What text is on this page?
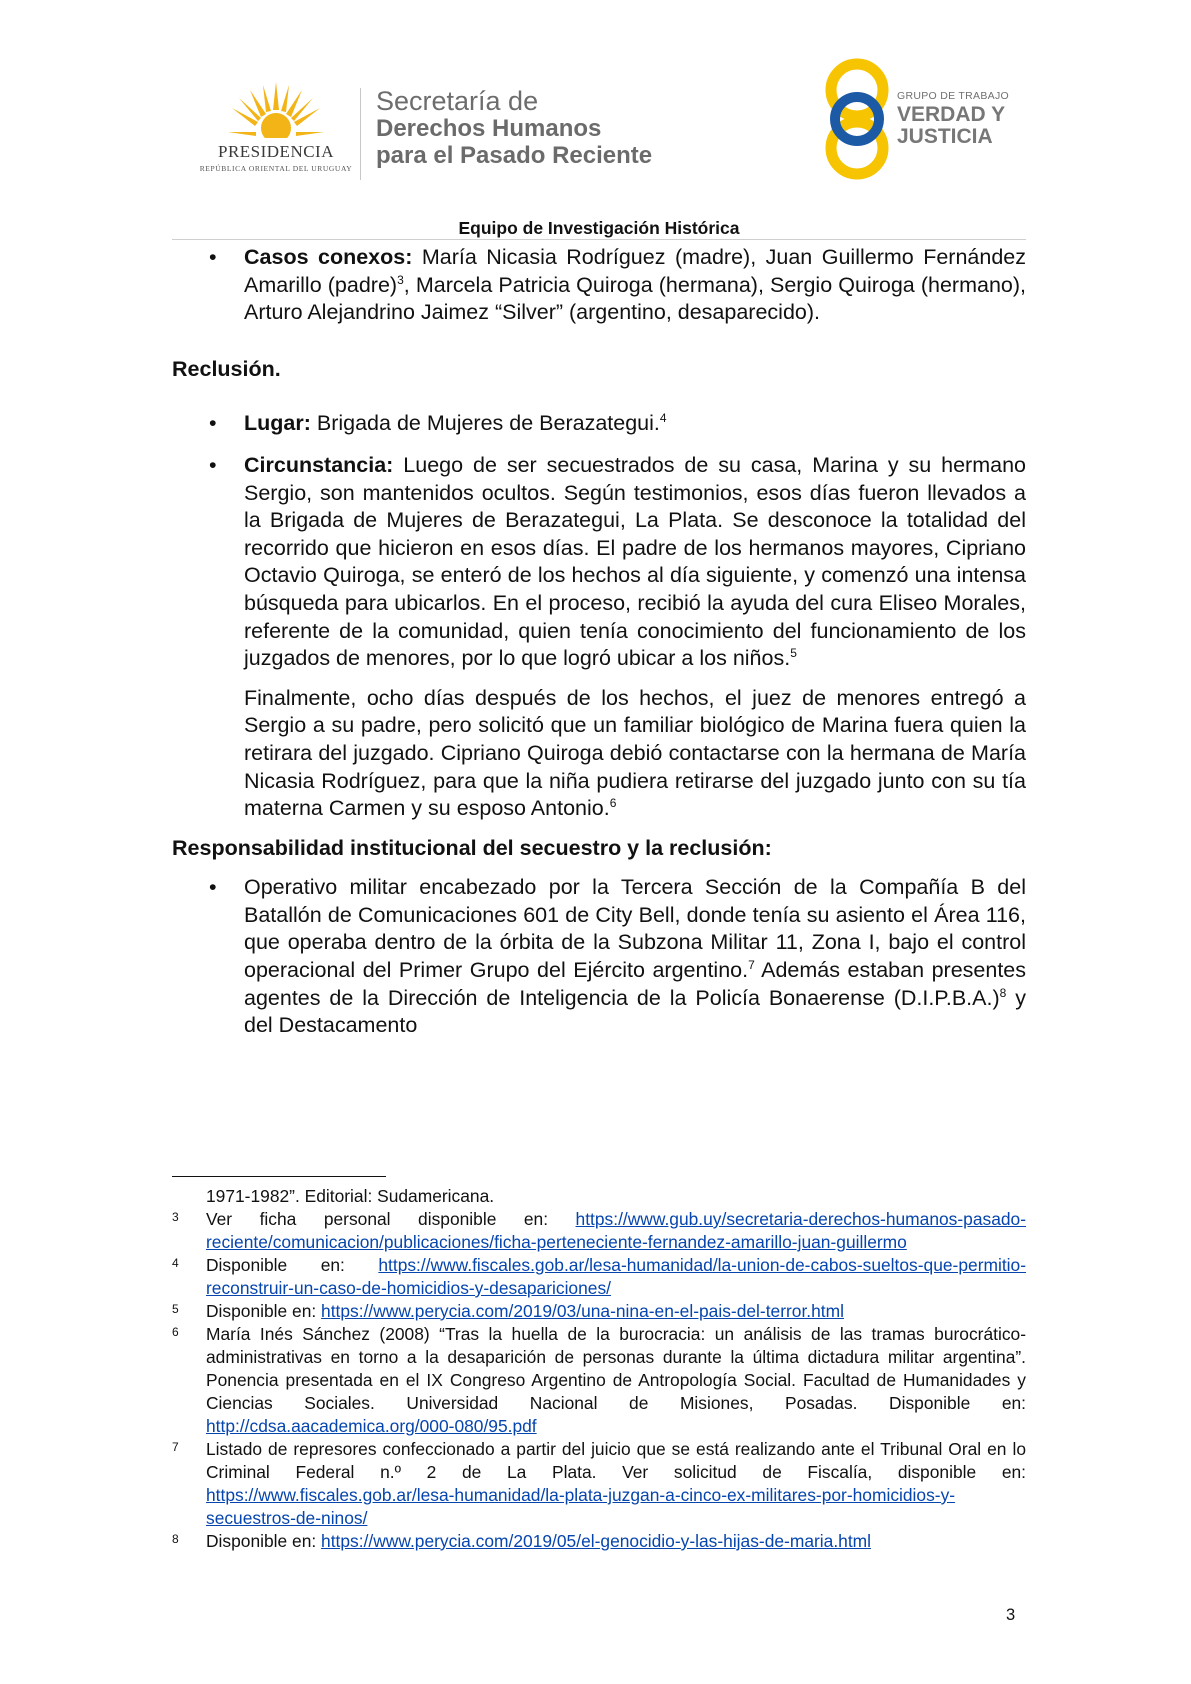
PRESIDENCIA
REPÚBLICA ORIENTAL DEL URUGUAY
Secretaría de
Derechos Humanos
para el Pasado Reciente
GRUPO DE TRABAJO
VERDAD Y
JUSTICIA
Equipo de Investigación Histórica

• Casos conexos: María Nicasia Rodríguez (madre), Juan Guillermo Fernández Amarillo (padre)$^3$, Marcela Patricia Quiroga (hermana), Sergio Quiroga (hermano), Arturo Alejandrino Jaimez “Silver” (argentino, desaparecido).

Reclusión.

• Lugar: Brigada de Mujeres de Berazategui.$^4$

• Circunstancia: Luego de ser secuestrados de su casa, Marina y su hermano Sergio, son mantenidos ocultos. Según testimonios, esos días fueron llevados a la Brigada de Mujeres de Berazategui, La Plata. Se desconoce la totalidad del recorrido que hicieron en esos días. El padre de los hermanos mayores, Cipriano Octavio Quiroga, se enteró de los hechos al día siguiente, y comenzó una intensa búsqueda para ubicarlos. En el proceso, recibió la ayuda del cura Eliseo Morales, referente de la comunidad, quien tenía conocimiento del funcionamiento de los juzgados de menores, por lo que logró ubicar a los niños.$^5$

Finalmente, ocho días después de los hechos, el juez de menores entregó a Sergio a su padre, pero solicitó que un familiar biológico de Marina fuera quien la retirara del juzgado. Cipriano Quiroga debió contactarse con la hermana de María Nicasia Rodríguez, para que la niña pudiera retirarse del juzgado junto con su tía materna Carmen y su esposo Antonio.$^6$

Responsabilidad institucional del secuestro y la reclusión:

• Operativo militar encabezado por la Tercera Sección de la Compañía B del Batallón de Comunicaciones 601 de City Bell, donde tenía su asiento el Área 116, que operaba dentro de la órbita de la Subzona Militar 11, Zona I, bajo el control operacional del Primer Grupo del Ejército argentino.$^7$ Además estaban presentes agentes de la Dirección de Inteligencia de la Policía Bonaerense $(D.I.P.B.A.)^8$ y del Destacamento

1971-1982”. Editorial: Sudamericana.

3 Ver ficha personal disponible en: https://www.gub.uy/secretaria-derechos-humanos-pasado-reciente/comunicacion/publicaciones/ficha-perteneciente-fernandez-amarillo-juan-guillermo

4 Disponible en: https://www.fiscales.gob.ar/lesa-humanidad/la-union-de-cabos-sueltos-que-permitio-reconstruir-un-caso-de-homicidios-y-desapariciones/

5 Disponible en: https://www.perycia.com/2019/03/una-nina-en-el-pais-del-terror.html

6 María Inés Sánchez (2008) “Tras la huella de la burocracia: un análisis de las tramas burocrático-administrativas en torno a la desaparición de personas durante la última dictadura militar argentina”. Ponencia presentada en el IX Congreso Argentino de Antropología Social. Facultad de Humanidades y Ciencias Sociales. Universidad Nacional de Misiones, Posadas. Disponible en: http://cdsa.aacademica.org/000-080/95.pdf

7 Listado de represores confeccionado a partir del juicio que se está realizando ante el Tribunal Oral en lo Criminal Federal n.º 2 de La Plata. Ver solicitud de Fiscalía, disponible en: https://www.fiscales.gob.ar/lesa-humanidad/la-plata-juzgan-a-cinco-ex-militares-por-homicidios-y-secuestros-de-ninos/

8 Disponible en: https://www.perycia.com/2019/05/el-genocidio-y-las-hijas-de-maria.html

3
